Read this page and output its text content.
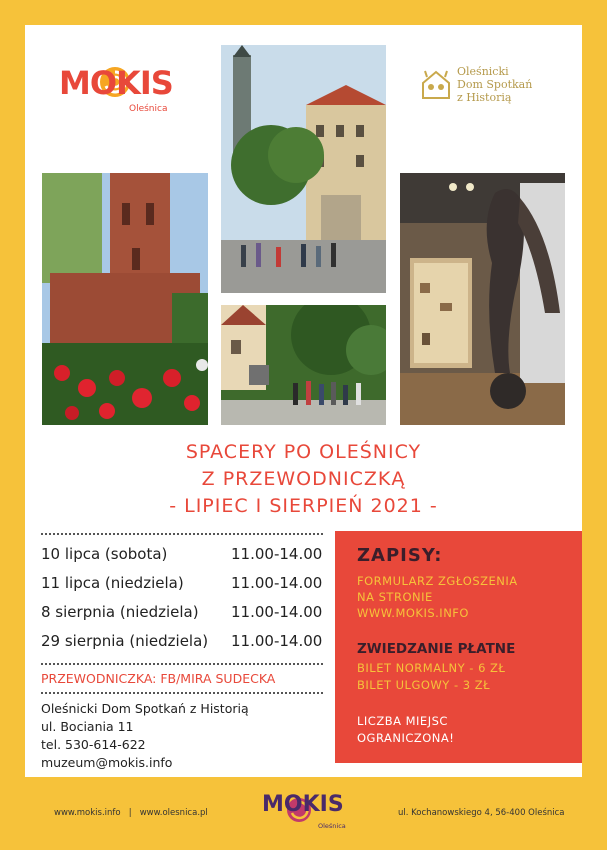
MOKIS
Oleśnica
Oleśnicki
Dom Spotkań
z Historią
SPACERY PO OLEŚNICY
Z PRZEWODNICZKĄ
- LIPIEC I SIERPIEŃ 2021 -
10 lipca (sobota)	11.00-14.00
11 lipca (niedziela)	11.00-14.00
8 sierpnia (niedziela) 11.00-14.00
29 sierpnia (niedziela) 11.00-14.00
PRZEWODNICZKA: FB/MIRA SUDECKA
Oleśnicki Dom Spotkań z Historią
ul. Bociania 11
tel. 530-614-622
muzeum@mokis.info
ZAPISY:
FORMULARZ ZGŁOSZENIA
NA STRONIE
WWW.MOKIS.INFO
ZWIEDZANIE PŁATNE
BILET NORMALNY - 6 ZŁ
BILET ULGOWY - 3 ZŁ
LICZBA MIEJSC
OGRANICZONA!
www.mokis.info   |   www.olesnica.pl MOKIS
Oleśnica
ul. Kochanowskiego 4, 56-400 Oleśnica
